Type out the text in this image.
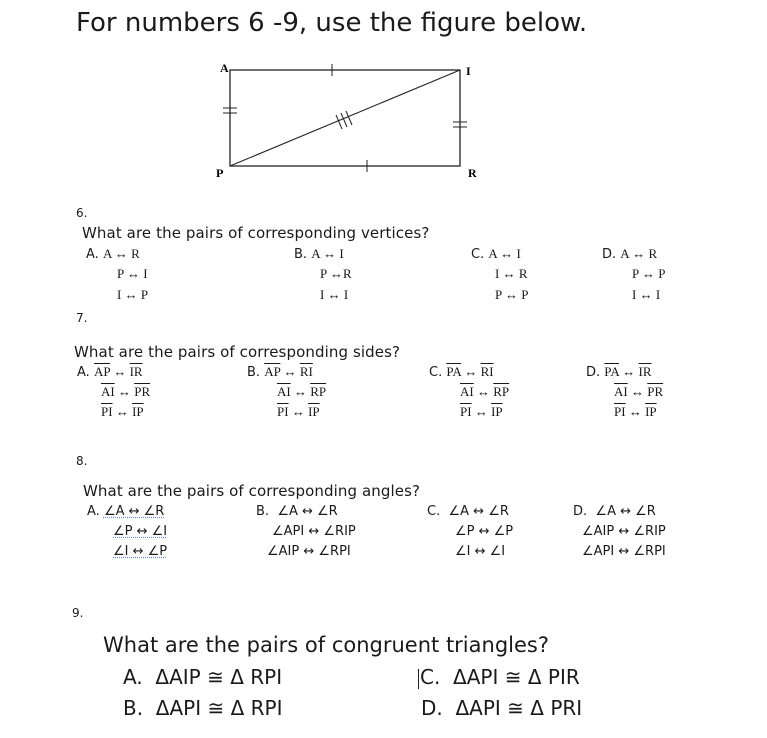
For numbers 6 -9, use the figure below.
A	I
P	R
6.
What are the pairs of corresponding vertices?
A. A ↔ R
P ↔ I
I ↔ P
B. A ↔ I
P ↔R
I ↔ I
C. A ↔ I
I ↔ R
P ↔ P
D. A ↔ R
P ↔ P
I ↔ I
7.
What are the pairs of corresponding sides?
A. $\overline{AP}$ ↔ $\overline{IR}$
$\overline{AI}$ ↔ $\overline{PR}$
$\overline{PI}$ ↔ $\overline{IP}$
B. $\overline{AP}$ ↔ $\overline{RI}$
$\overline{AI}$ ↔ $\overline{RP}$
$\overline{PI}$ ↔ $\overline{IP}$
C. $\overline{PA}$ ↔ $\overline{RI}$
$\overline{AI}$ ↔ $\overline{RP}$
$\overline{PI}$ ↔ $\overline{IP}$
D. $\overline{PA}$ ↔ $\overline{IR}$
$\overline{AI}$ ↔ $\overline{PR}$
$\overline{PI}$ ↔ $\overline{IP}$
8.
What are the pairs of corresponding angles?
A. ∠A ↔ ∠R
∠P ↔ ∠I
∠I ↔ ∠P
B. ∠A ↔ ∠R
∠API ↔ ∠RIP
∠AIP ↔ ∠RPI
C. ∠A ↔ ∠R
∠P ↔ ∠P
∠I ↔ ∠I
D. ∠A ↔ ∠R
∠AIP ↔ ∠RIP
∠API ↔ ∠RPI
9.
What are the pairs of congruent triangles?
A. ΔAIP ≅ Δ RPI	C. ΔAPI ≅ Δ PIR
B. ΔAPI ≅ Δ RPI	D. ΔAPI ≅ Δ PRI
